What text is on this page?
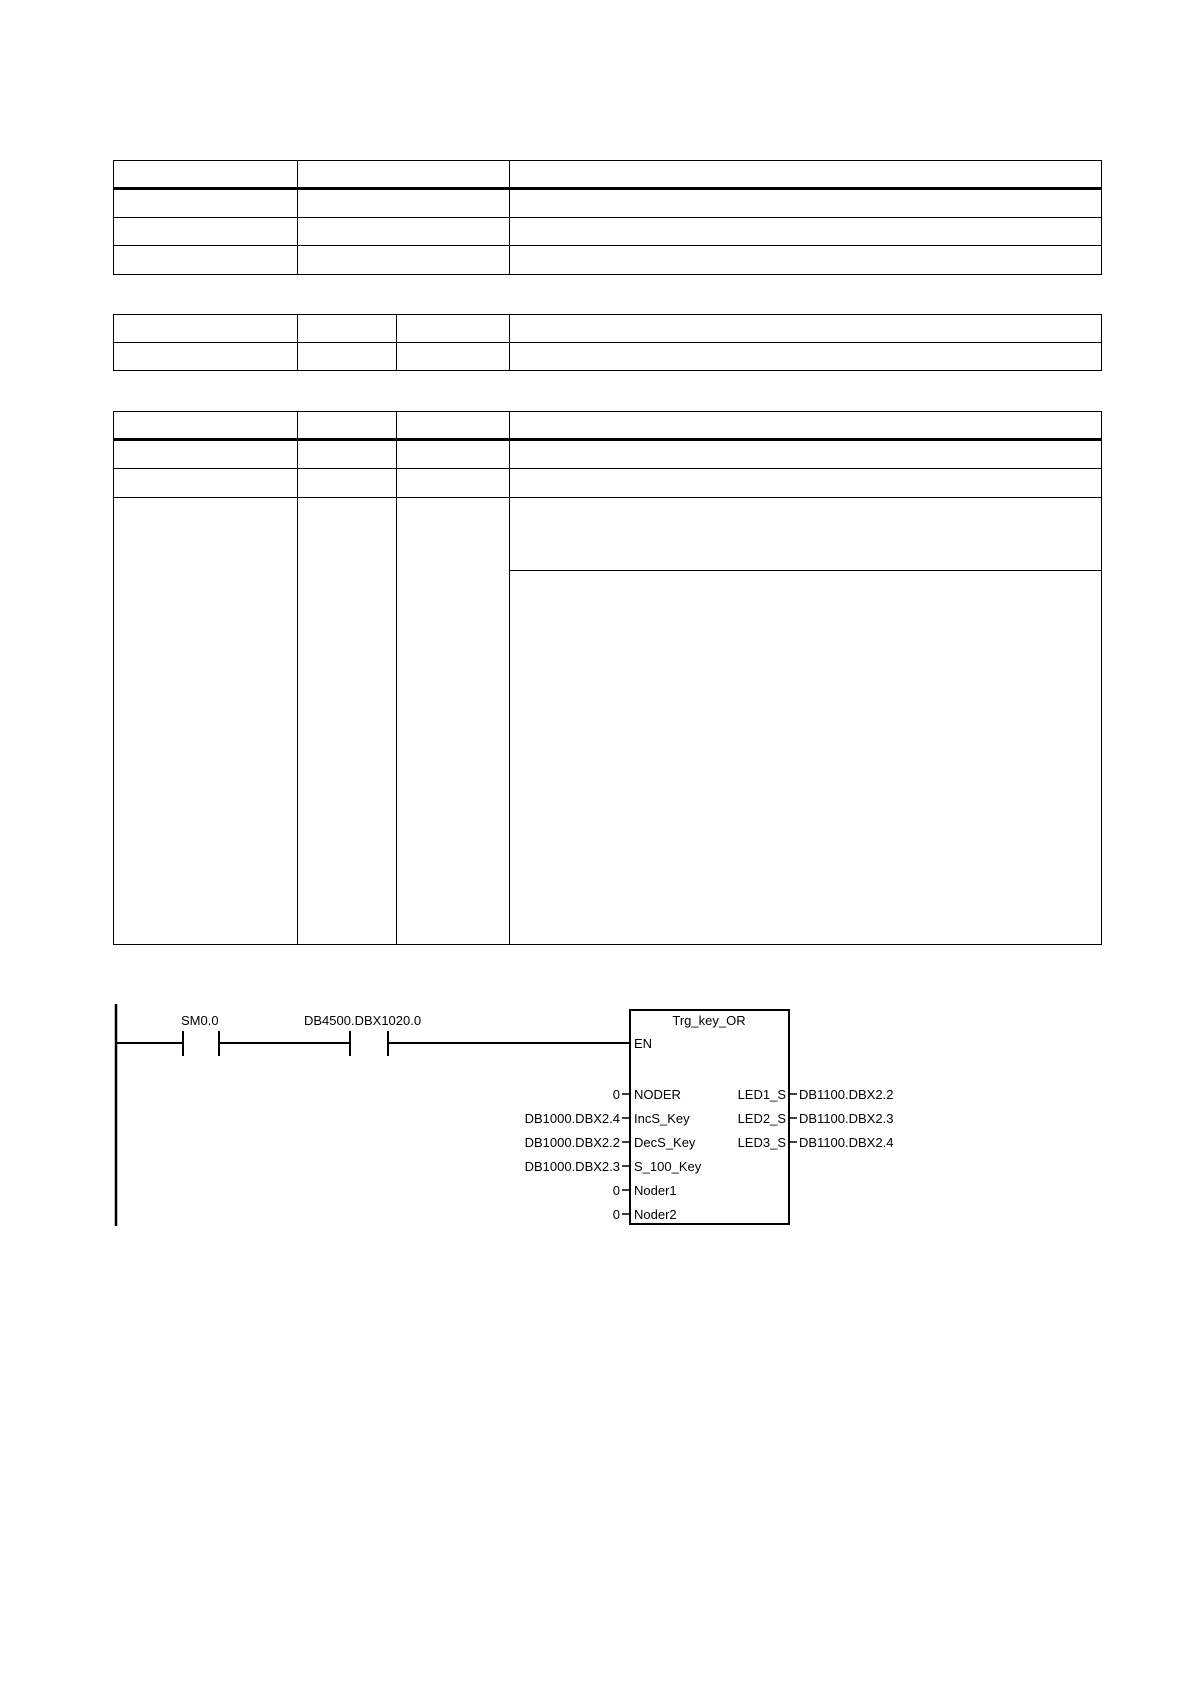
SM0.0	DB4500.DBX1020.0	Trg_key_OR
EN
0 NODER
DB1000.DBX2.4 IncS_Key
DB1000.DBX2.2 DecS_Key
DB1000.DBX2.3 S_100_Key
0 Noder1
0 Noder2
LED1_S DB1100.DBX2.2
LED2_S DB1100.DBX2.3
LED3_S DB1100.DBX2.4
